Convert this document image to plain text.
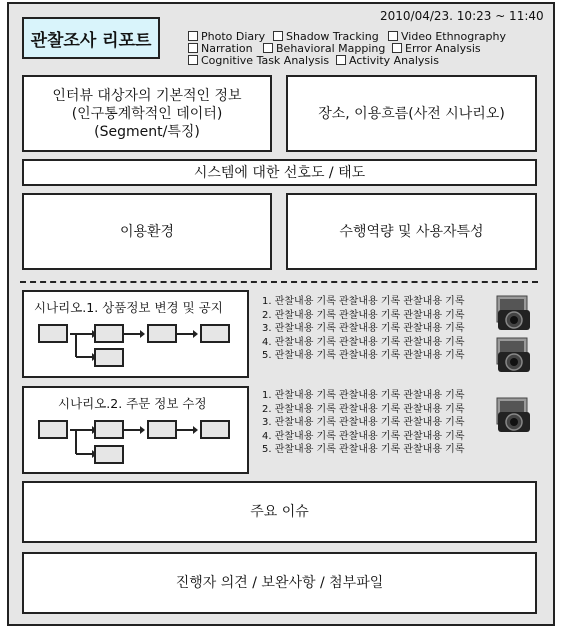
관찰조사 리포트
2010/04/23. 10:23 ~ 11:40
Photo Diary	Shadow Tracking	Video Ethnography
Narration	Behavioral Mapping	Error Analysis
Cognitive Task Analysis	Activity Analysis
인터뷰 대상자의 기본적인 정보
(인구통계학적인 데이터)
(Segment/특징)
장소, 이용흐름(사전 시나리오)
시스템에 대한 선호도 / 태도
이용환경	수행역량 및 사용자특성
시나리오.1. 상품정보 변경 및 공지	1. 관찰내용 기록 관찰내용 기록 관찰내용 기록
2. 관찰내용 기록 관찰내용 기록 관찰내용 기록
3. 관찰내용 기록 관찰내용 기록 관찰내용 기록
4. 관찰내용 기록 관찰내용 기록 관찰내용 기록
5. 관찰내용 기록 관찰내용 기록 관찰내용 기록
시나리오.2. 주문 정보 수정
1. 관찰내용 기록 관찰내용 기록 관찰내용 기록
2. 관찰내용 기록 관찰내용 기록 관찰내용 기록
3. 관찰내용 기록 관찰내용 기록 관찰내용 기록
4. 관찰내용 기록 관찰내용 기록 관찰내용 기록
5. 관찰내용 기록 관찰내용 기록 관찰내용 기록
주요 이슈
진행자 의견 / 보완사항 / 첨부파일
